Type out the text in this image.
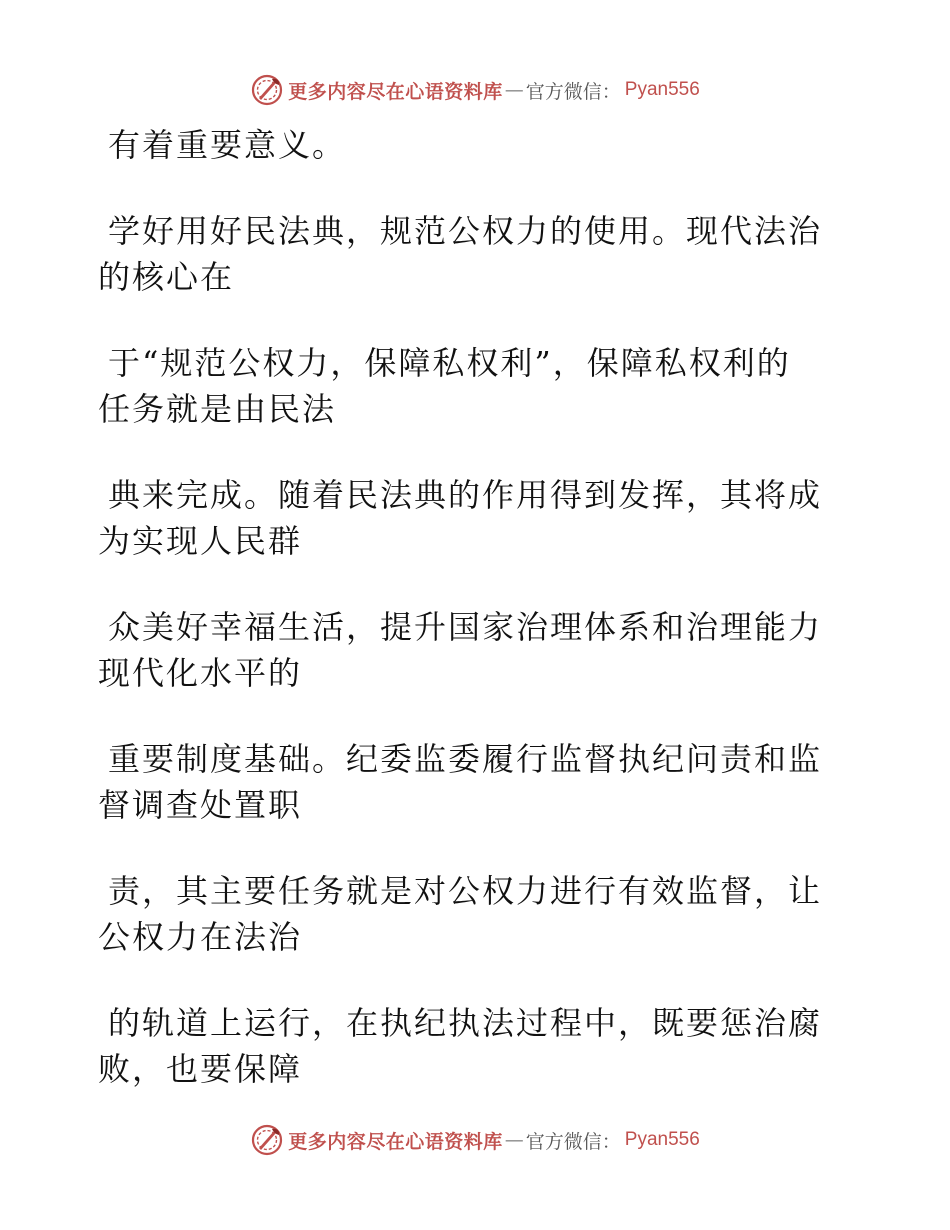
更多内容尽在心语资料库 — 官方微信 ： Pyan556

有着重要意义。

学好用好民法典，规范公权力的使用。现代法治
的核心在

于“规范公权力，保障私权利”，保障私权利的
任务就是由民法

典来完成。随着民法典的作用得到发挥，其将成
为实现人民群

众美好幸福生活，提升国家治理体系和治理能力
现代化水平的

重要制度基础。纪委监委履行监督执纪问责和监
督调查处置职

责，其主要任务就是对公权力进行有效监督，让
公权力在法治

的轨道上运行，在执纪执法过程中，既要惩治腐
败，也要保障

更多内容尽在心语资料库 — 官方微信 ： Pyan556
